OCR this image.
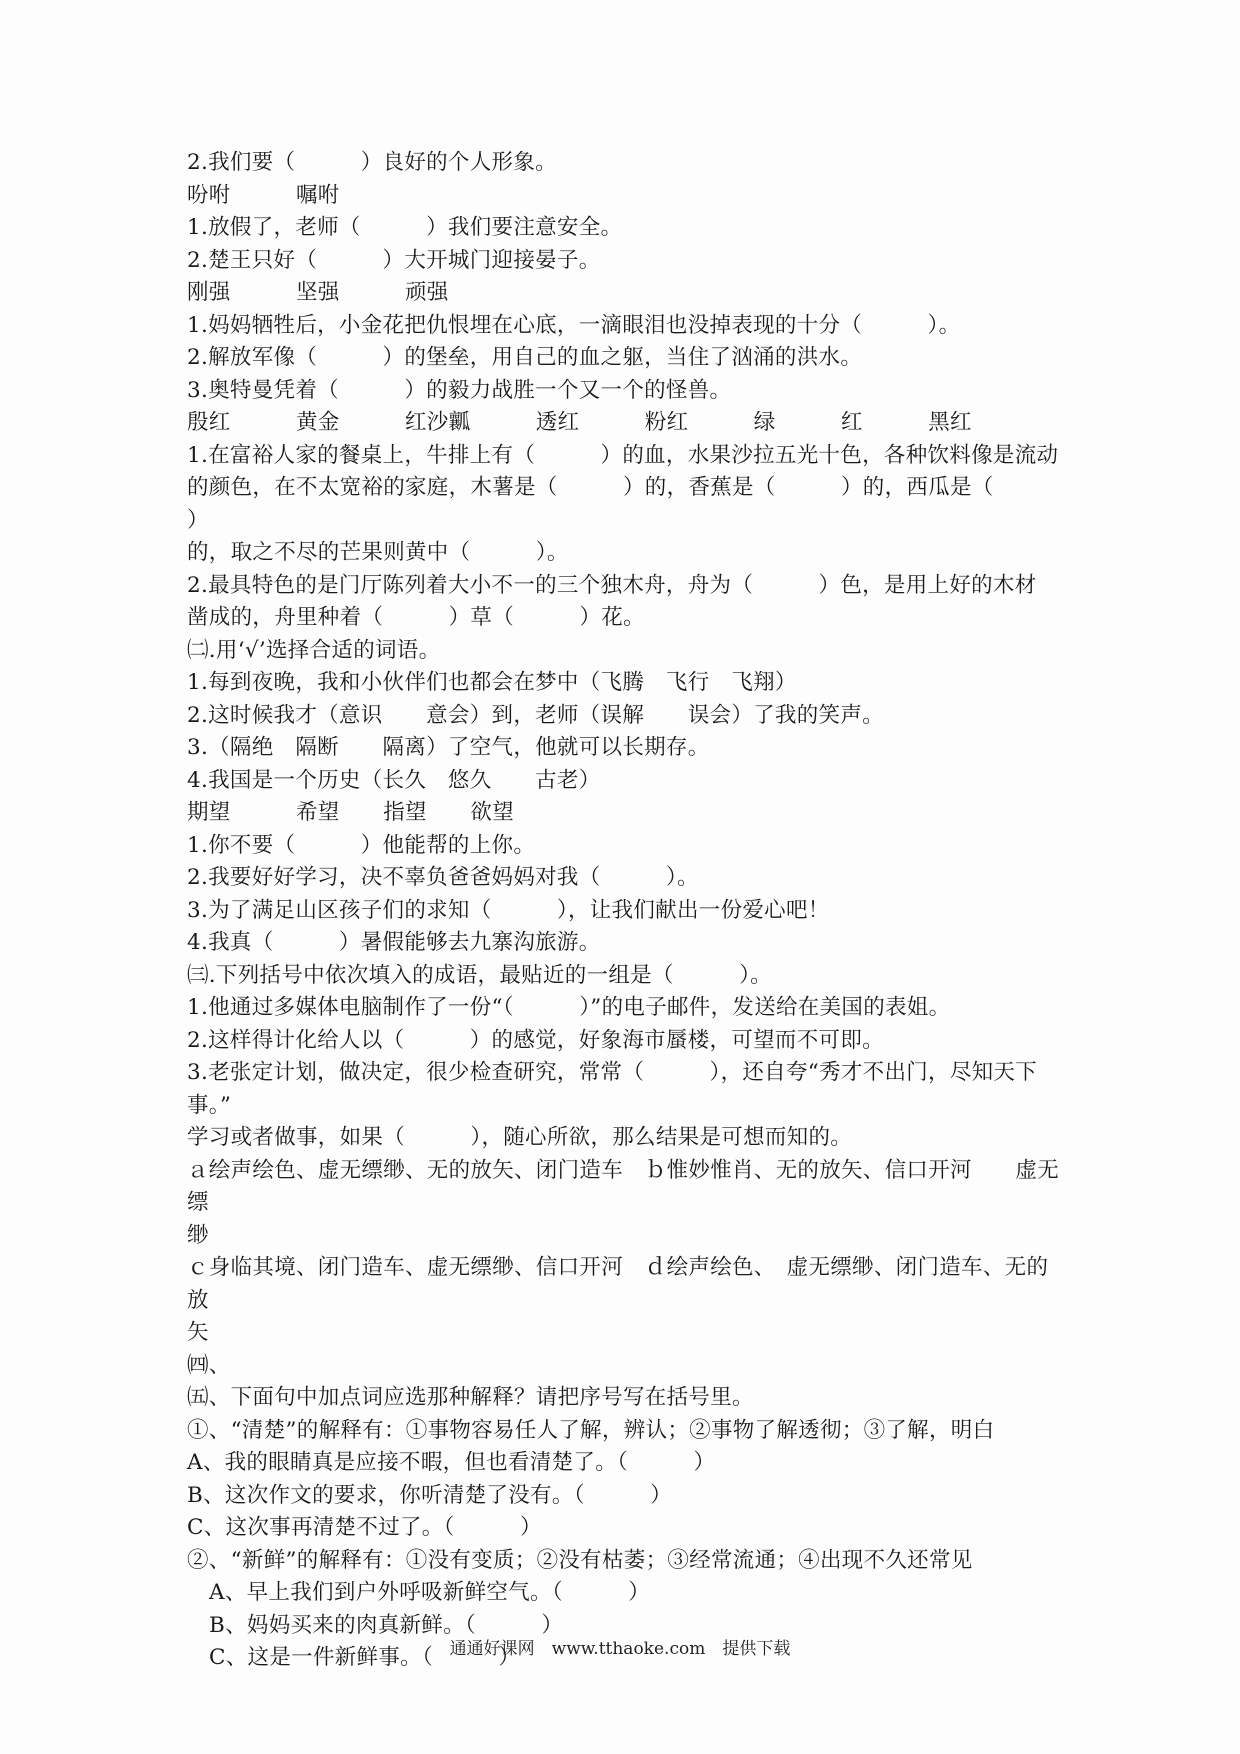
2.我们要（　　　）良好的个人形象。

吩咐　　　嘱咐

1.放假了，老师（　　　）我们要注意安全。

2.楚王只好（　　　）大开城门迎接晏子。

刚强　　　坚强　　　顽强

1.妈妈牺牲后，小金花把仇恨埋在心底，一滴眼泪也没掉表现的十分（　　　）。

2.解放军像（　　　）的堡垒，用自己的血之躯，当住了汹涌的洪水。

3.奥特曼凭着（　　　）的毅力战胜一个又一个的怪兽。

殷红　　　黄金　　　红沙瓤　　　透红　　　粉红　　　绿　　　红　　　黑红

1.在富裕人家的餐桌上，牛排上有（　　　）的血，水果沙拉五光十色，各种饮料像是流动

的颜色，在不太宽裕的家庭，木薯是（　　　）的，香蕉是（　　　）的，西瓜是（　　　）

的，取之不尽的芒果则黄中（　　　）。

2.最具特色的是门厅陈列着大小不一的三个独木舟，舟为（　　　）色，是用上好的木材

凿成的，舟里种着（　　　）草（　　　）花。

㈡.用‘√’选择合适的词语。

1.每到夜晚，我和小伙伴们也都会在梦中（飞腾　飞行　飞翔）

2.这时候我才（意识　　意会）到，老师（误解　　误会）了我的笑声。

3.（隔绝　隔断　　隔离）了空气，他就可以长期存。

4.我国是一个历史（长久　悠久　　古老）

期望　　　希望　　指望　　欲望

1.你不要（　　　）他能帮的上你。

2.我要好好学习，决不辜负爸爸妈妈对我（　　　）。

3.为了满足山区孩子们的求知（　　　），让我们献出一份爱心吧！

4.我真（　　　）暑假能够去九寨沟旅游。

㈢.下列括号中依次填入的成语，最贴近的一组是（　　　）。

1.他通过多媒体电脑制作了一份“（　　　）”的电子邮件，发送给在美国的表姐。

2.这样得计化给人以（　　　）的感觉，好象海市蜃楼，可望而不可即。

3.老张定计划，做决定，很少检查研究，常常（　　　），还自夸“秀才不出门，尽知天下

事。”

学习或者做事，如果（　　　），随心所欲，那么结果是可想而知的。

ａ绘声绘色、虚无缥缈、无的放矢、闭门造车　ｂ惟妙惟肖、无的放矢、信口开河　　虚无缥

缈

ｃ身临其境、闭门造车、虚无缥缈、信口开河　ｄ绘声绘色、　虚无缥缈、闭门造车、无的放

矢

㈣、

㈤、下面句中加点词应选那种解释？请把序号写在括号里。

①、“清楚”的解释有：①事物容易任人了解，辨认；②事物了解透彻；③了解，明白

A、我的眼睛真是应接不暇，但也看清楚了。（　　　）

B、这次作文的要求，你听清楚了没有。（　　　）

C、这次事再清楚不过了。（　　　）

②、“新鲜”的解释有：①没有变质；②没有枯萎；③经常流通；④出现不久还常见

A、早上我们到户外呼吸新鲜空气。（　　　）

B、妈妈买来的肉真新鲜。（　　　）

C、这是一件新鲜事。（　　　）

通通好课网　www.tthaoke.com　提供下载
